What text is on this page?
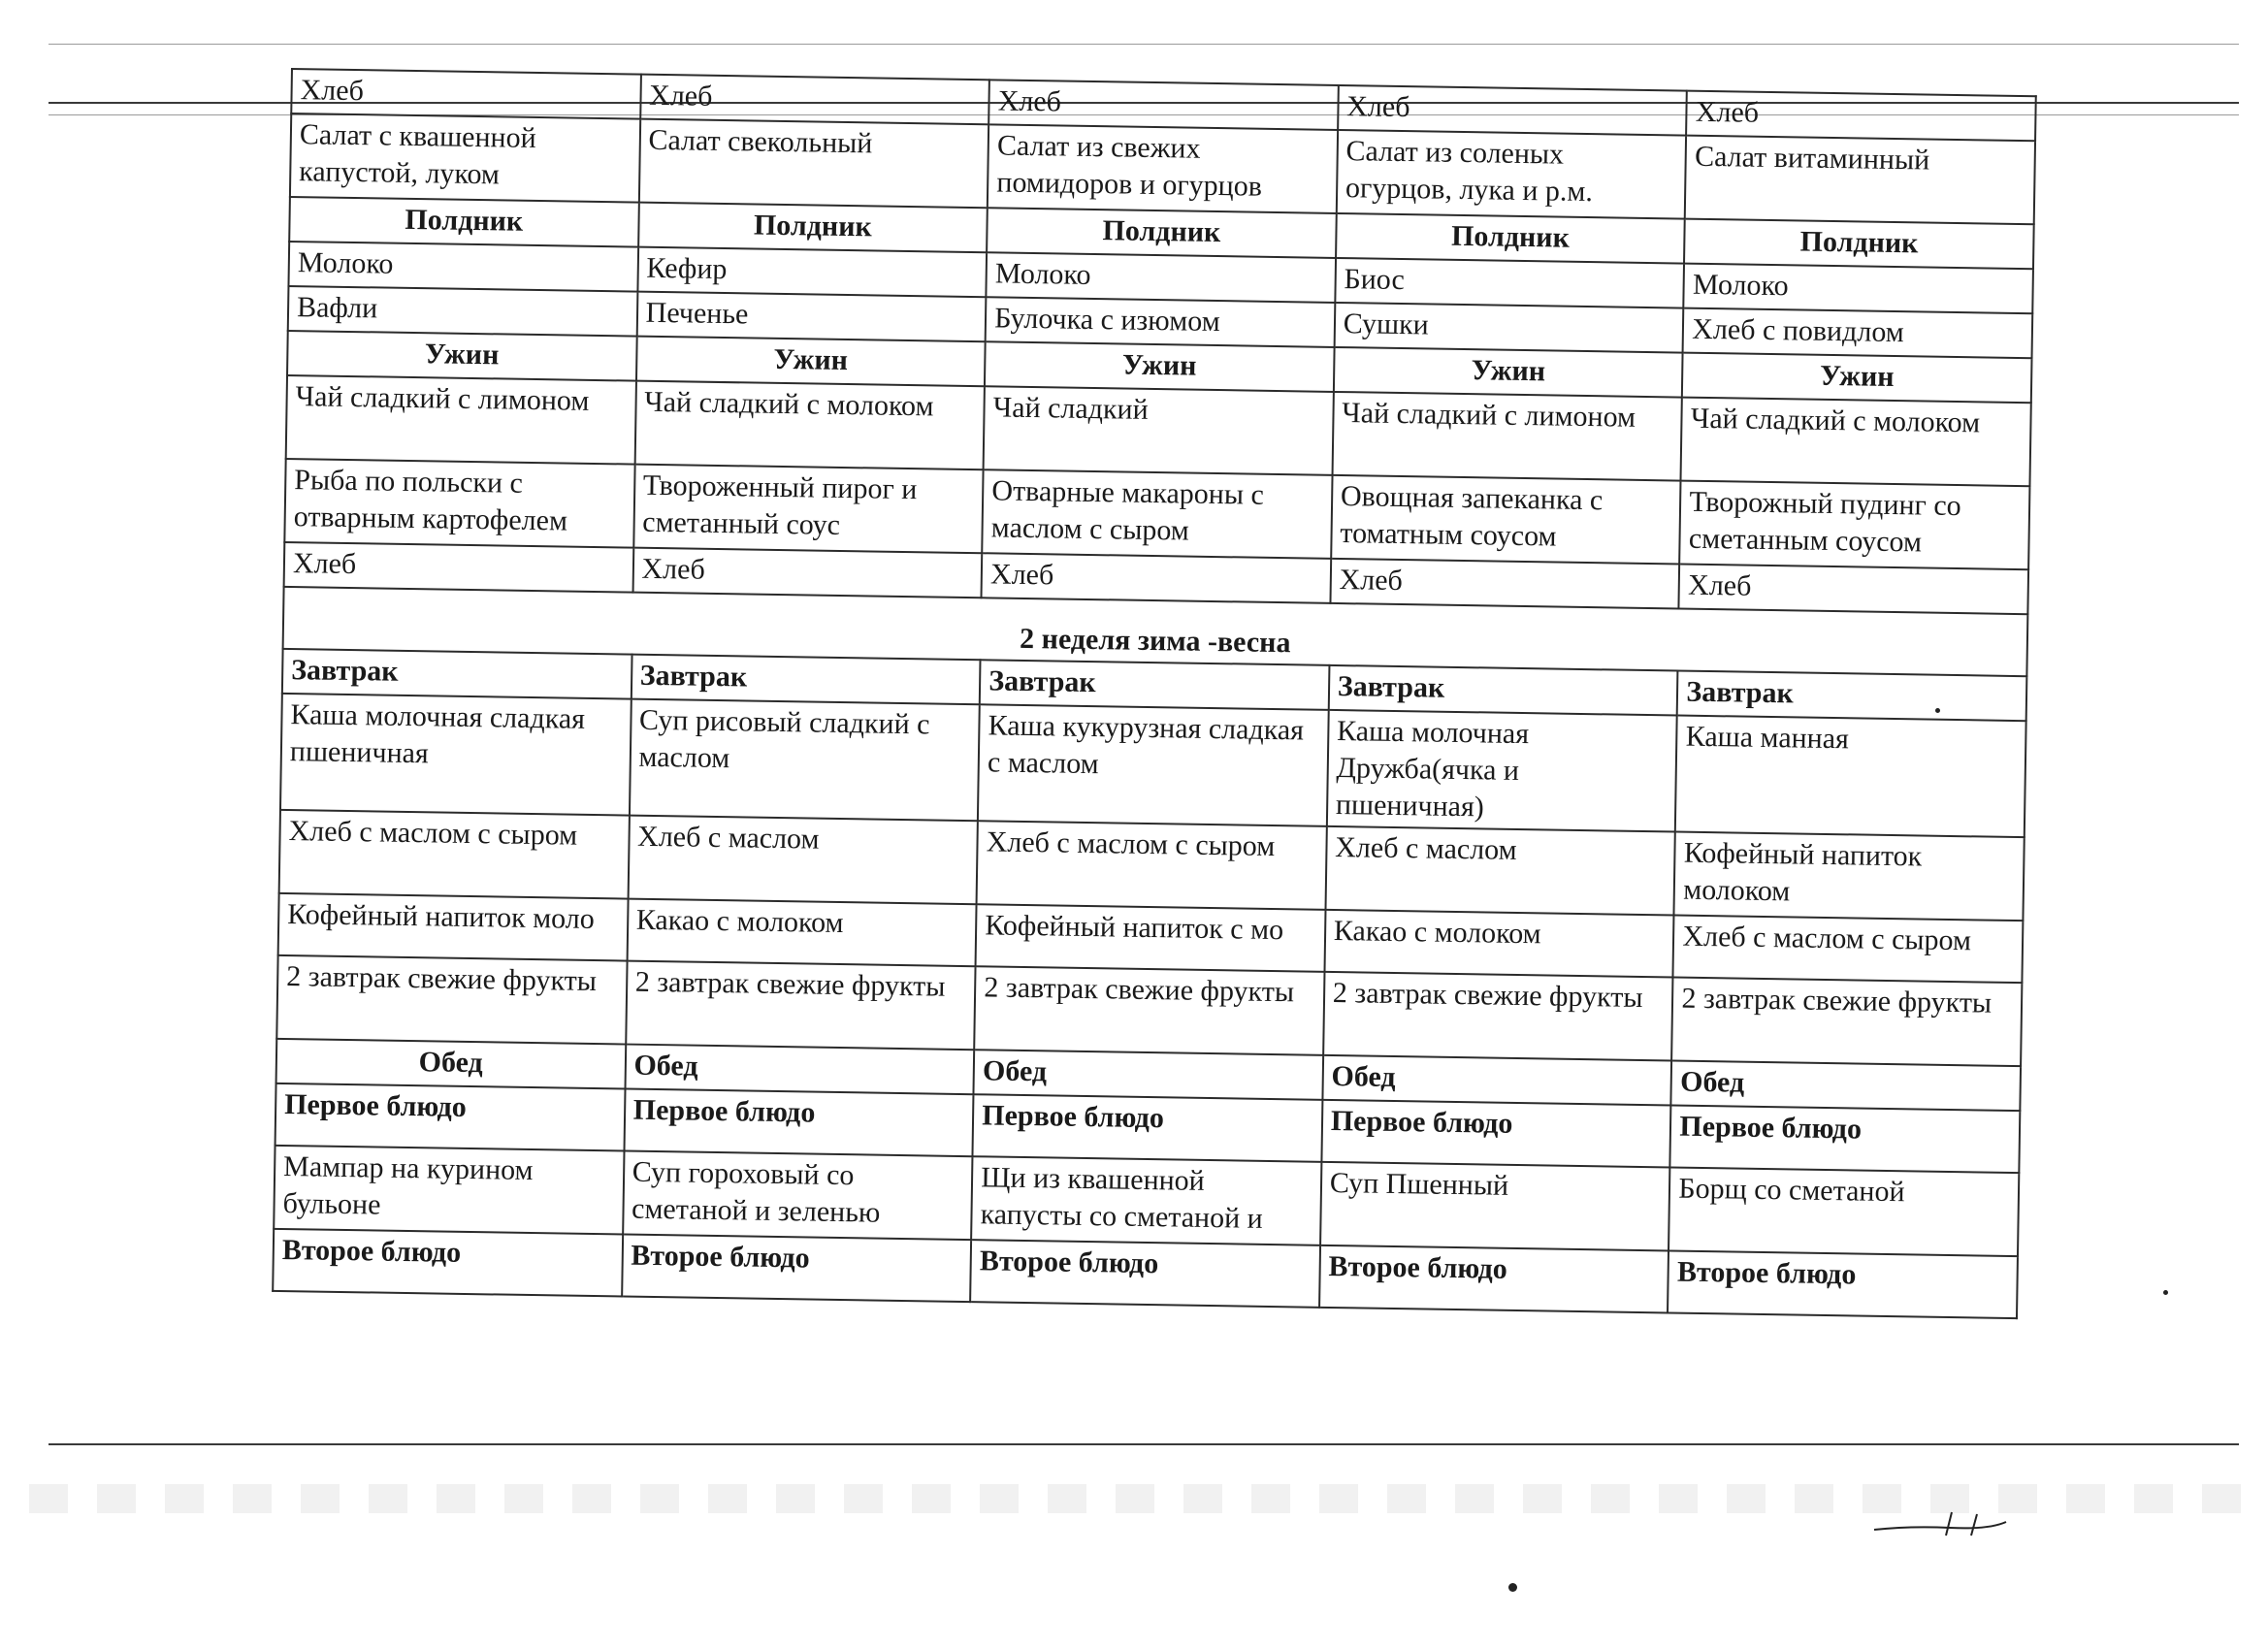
Хлеб	Хлеб	Хлеб	Хлеб	Хлеб
Салат с квашенной капустой, луком	Салат свекольный	Салат из свежих помидоров и огурцов	Салат из соленых огурцов, лука и р.м.	Салат витаминный
Полдник	Полдник	Полдник	Полдник	Полдник
Молоко	Кефир	Молоко	Биос	Молоко
Вафли	Печенье	Булочка с изюмом	Сушки	Хлеб с повидлом
Ужин	Ужин	Ужин	Ужин	Ужин
Чай сладкий с лимоном	Чай сладкий с молоком	Чай сладкий	Чай сладкий с лимоном	Чай сладкий с молоком
Рыба по польски с отварным картофелем	Твороженный пирог и сметанный соус	Отварные макароны с маслом с сыром	Овощная запеканка с томатным соусом	Творожный пудинг со сметанным соусом
Хлеб	Хлеб	Хлеб	Хлеб	Хлеб
2 неделя зима -весна				
Завтрак	Завтрак	Завтрак	Завтрак	Завтрак
Каша молочная сладкая пшеничная	Суп рисовый сладкий с маслом	Каша кукурузная сладкая с маслом	Каша молочная Дружба(ячка и пшеничная)	Каша манная
Хлеб с маслом с сыром	Хлеб с маслом	Хлеб с маслом с сыром	Хлеб с маслом	Кофейный напиток молоком
Кофейный напиток моло	Какао с молоком	Кофейный напиток с мо	Какао с молоком	Хлеб с маслом с сыром
2 завтрак свежие фрукты	2 завтрак свежие фрукты	2 завтрак свежие фрукты	2 завтрак свежие фрукты	2 завтрак свежие фрукты
Обед	Обед	Обед	Обед	Обед
Первое блюдо	Первое блюдо	Первое блюдо	Первое блюдо	Первое блюдо
Мампар на курином бульоне	Суп гороховый со сметаной и зеленью	Щи из квашенной капусты со сметаной и	Суп Пшенный	Борщ со сметаной
Второе блюдо	Второе блюдо	Второе блюдо	Второе блюдо	Второе блюдо
